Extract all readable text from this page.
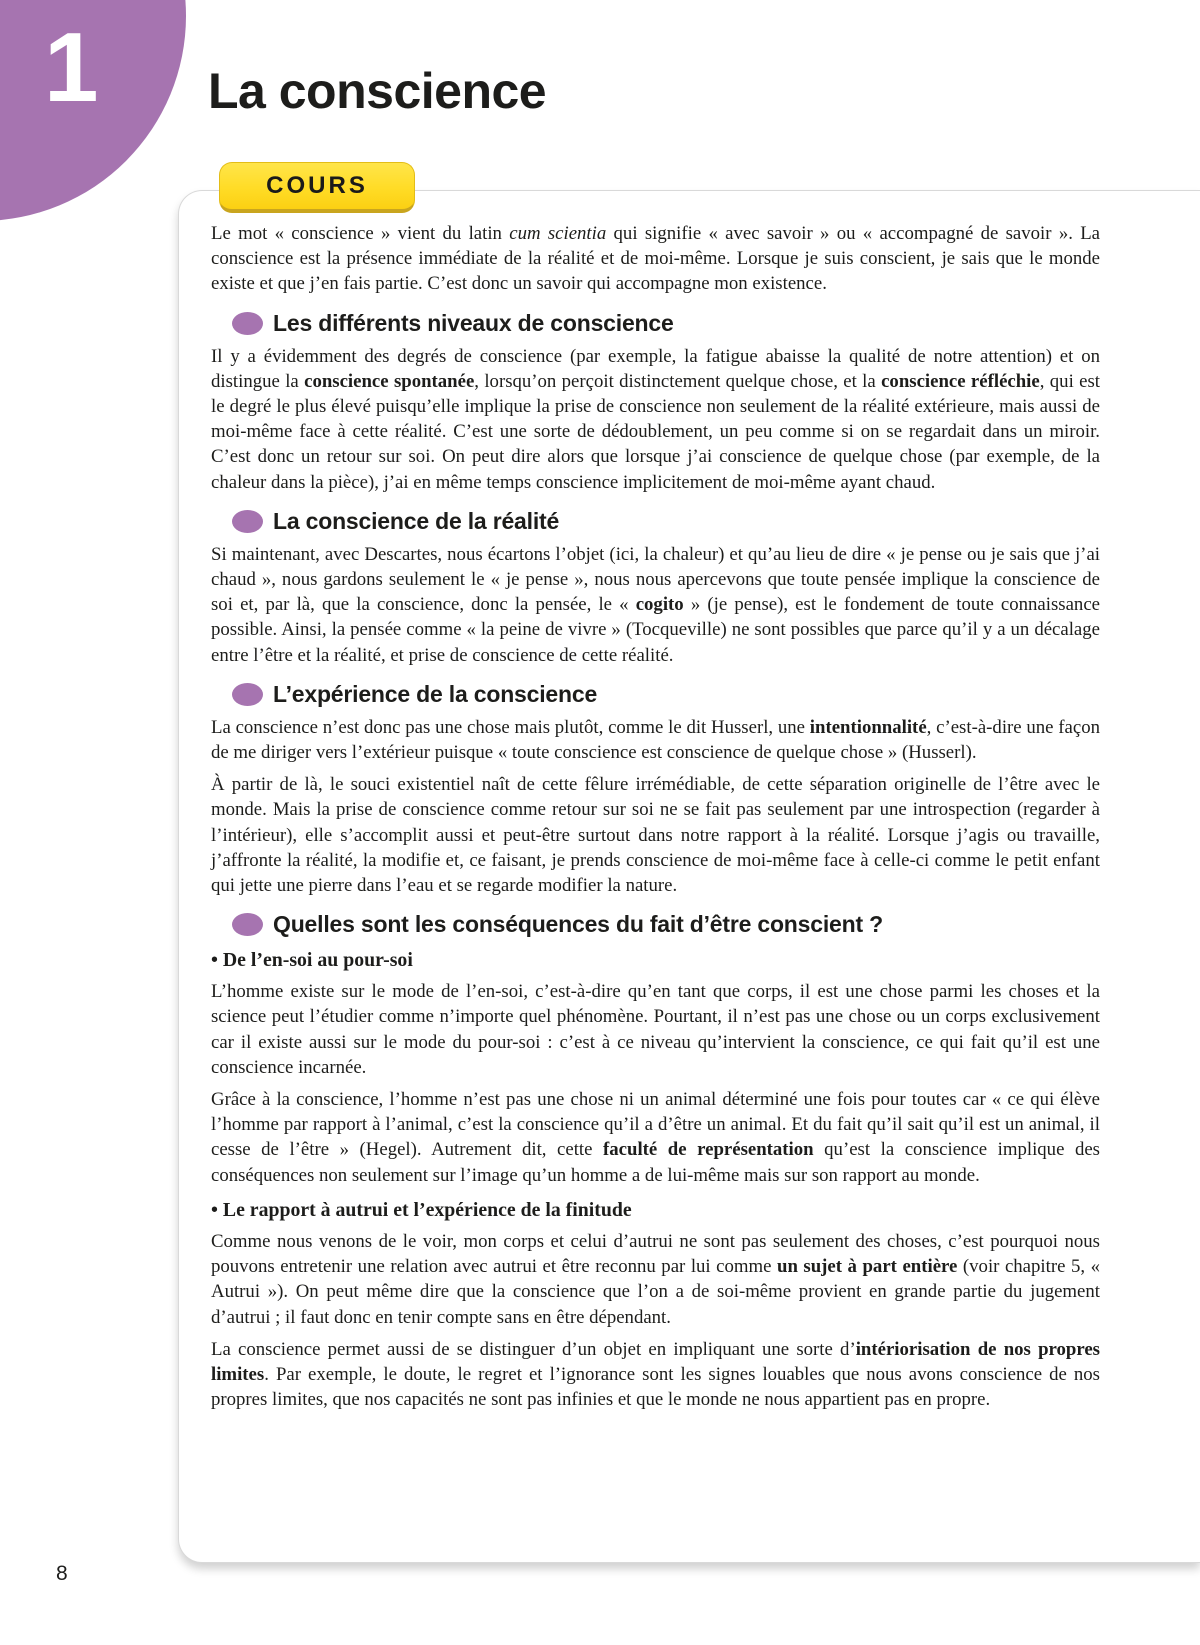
1 La conscience
COURS

Le mot « conscience » vient du latin cum scientia qui signifie « avec savoir » ou « accompagné de savoir ». La conscience est la présence immédiate de la réalité et de moi-même. Lorsque je suis conscient, je sais que le monde existe et que j’en fais partie. C’est donc un savoir qui accompagne mon existence.

Les différents niveaux de conscience

Il y a évidemment des degrés de conscience (par exemple, la fatigue abaisse la qualité de notre attention) et on distingue la conscience spontanée, lorsqu’on perçoit distinctement quelque chose, et la conscience réfléchie, qui est le degré le plus élevé puisqu’elle implique la prise de conscience non seulement de la réalité extérieure, mais aussi de moi-même face à cette réalité. C’est une sorte de dédoublement, un peu comme si on se regardait dans un miroir. C’est donc un retour sur soi. On peut dire alors que lorsque j’ai conscience de quelque chose (par exemple, de la chaleur dans la pièce), j’ai en même temps conscience implicitement de moi-même ayant chaud.

La conscience de la réalité

Si maintenant, avec Descartes, nous écartons l’objet (ici, la chaleur) et qu’au lieu de dire « je pense ou je sais que j’ai chaud », nous gardons seulement le « je pense », nous nous apercevons que toute pensée implique la conscience de soi et, par là, que la conscience, donc la pensée, le « cogito » (je pense), est le fondement de toute connaissance possible. Ainsi, la pensée comme « la peine de vivre » (Tocqueville) ne sont possibles que parce qu’il y a un décalage entre l’être et la réalité, et prise de conscience de cette réalité.

L’expérience de la conscience

La conscience n’est donc pas une chose mais plutôt, comme le dit Husserl, une intentionnalité, c’est-à-dire une façon de me diriger vers l’extérieur puisque « toute conscience est conscience de quelque chose » (Husserl).

À partir de là, le souci existentiel naît de cette fêlure irrémédiable, de cette séparation originelle de l’être avec le monde. Mais la prise de conscience comme retour sur soi ne se fait pas seulement par une introspection (regarder à l’intérieur), elle s’accomplit aussi et peut-être surtout dans notre rapport à la réalité. Lorsque j’agis ou travaille, j’affronte la réalité, la modifie et, ce faisant, je prends conscience de moi-même face à celle-ci comme le petit enfant qui jette une pierre dans l’eau et se regarde modifier la nature.

Quelles sont les conséquences du fait d’être conscient ?

• De l’en-soi au pour-soi

L’homme existe sur le mode de l’en-soi, c’est-à-dire qu’en tant que corps, il est une chose parmi les choses et la science peut l’étudier comme n’importe quel phénomène. Pourtant, il n’est pas une chose ou un corps exclusivement car il existe aussi sur le mode du pour-soi : c’est à ce niveau qu’intervient la conscience, ce qui fait qu’il est une conscience incarnée.

Grâce à la conscience, l’homme n’est pas une chose ni un animal déterminé une fois pour toutes car « ce qui élève l’homme par rapport à l’animal, c’est la conscience qu’il a d’être un animal. Et du fait qu’il sait qu’il est un animal, il cesse de l’être » (Hegel). Autrement dit, cette faculté de représentation qu’est la conscience implique des conséquences non seulement sur l’image qu’un homme a de lui-même mais sur son rapport au monde.

• Le rapport à autrui et l’expérience de la finitude

Comme nous venons de le voir, mon corps et celui d’autrui ne sont pas seulement des choses, c’est pourquoi nous pouvons entretenir une relation avec autrui et être reconnu par lui comme un sujet à part entière (voir chapitre 5, « Autrui »). On peut même dire que la conscience que l’on a de soi-même provient en grande partie du jugement d’autrui ; il faut donc en tenir compte sans en être dépendant.

La conscience permet aussi de se distinguer d’un objet en impliquant une sorte d’intériorisation de nos propres limites. Par exemple, le doute, le regret et l’ignorance sont les signes louables que nous avons conscience de nos propres limites, que nos capacités ne sont pas infinies et que le monde ne nous appartient pas en propre.

8
